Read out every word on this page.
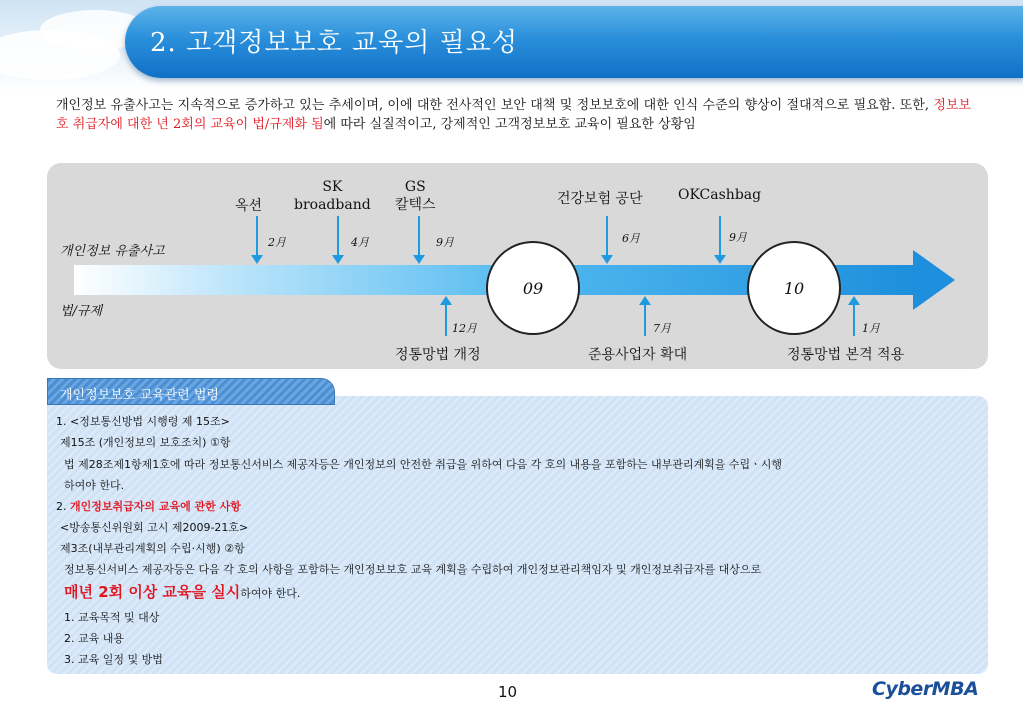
2. 고객정보보호 교육의 필요성
개인정보 유출사고는 지속적으로 증가하고 있는 추세이며, 이에 대한 전사적인 보안 대책 및 정보보호에 대한 인식 수준의 향상이 절대적으로 필요함. 또한, 정보보호 취급자에 대한 년 2회의 교육이 법/규제화 됨에 따라 실질적이고, 강제적인 고객정보보호 교육이 필요한 상황임
개인정보 유출사고
법/규제
옥션
2月
SK
broadband
4月
GS
칼텍스
9月
건강보험 공단
6月
OKCashbag
9月
09	10
12月
정통망법 개정
7月
준용사업자 확대
1月
정통망법 본격 적용
개인정보보호 교육관련 법령
1. <정보통신방법 시행령 제 15조>
제15조 (개인정보의 보호조치) ①항
법 제28조제1항제1호에 따라 정보통신서비스 제공자등은 개인정보의 안전한 취급을 위하여 다음 각 호의 내용을 포함하는 내부관리계획을 수립ㆍ시행
하여야 한다.
2. 개인정보취급자의 교육에 관한 사항
<방송통신위원회 고시 제2009-21호>
제3조(내부관리계획의 수립·시행) ②항
정보통신서비스 제공자등은 다음 각 호의 사항을 포함하는 개인정보보호 교육 계획을 수립하여 개인정보관리책임자 및 개인정보취급자를 대상으로
매년 2회 이상 교육을 실시하여야 한다.
1. 교육목적 및 대상
2. 교육 내용
3. 교육 일정 및 방법
10	CyberMBA
